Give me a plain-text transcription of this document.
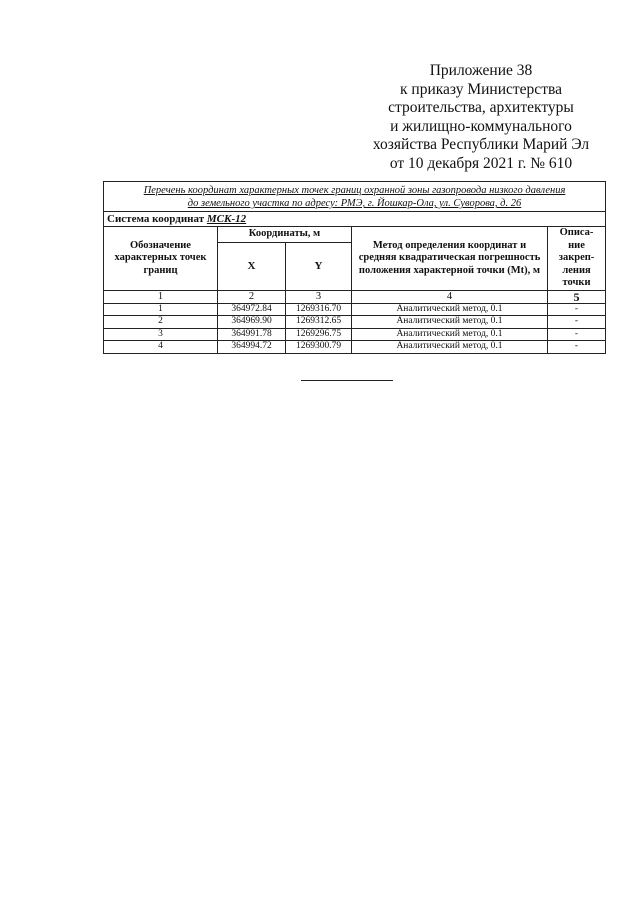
Приложение 38
к приказу Министерства
строительства, архитектуры
и жилищно-коммунального
хозяйства Республики Марий Эл
от 10 декабря 2021 г. № 610
Перечень координат характерных точек границ охранной зоны газопровода низкого давления
до земельного участка по адресу: РМЭ, г. Йошкар-Ола, ул. Суворова, д. 26				
Система координат МСК-12				
Обозначение характерных точек границ	Координаты, м		Метод определения координат и средняя квадратическая погрешность положения характерной точки (Mt), м	Описа-ние закреп-ления точки
	X	Y		
1	2	3	4	5
1	364972.84	1269316.70	Аналитический метод, 0.1	-
2	364969.90	1269312.65	Аналитический метод, 0.1	-
3	364991.78	1269296.75	Аналитический метод, 0.1	-
4	364994.72	1269300.79	Аналитический метод, 0.1	-
